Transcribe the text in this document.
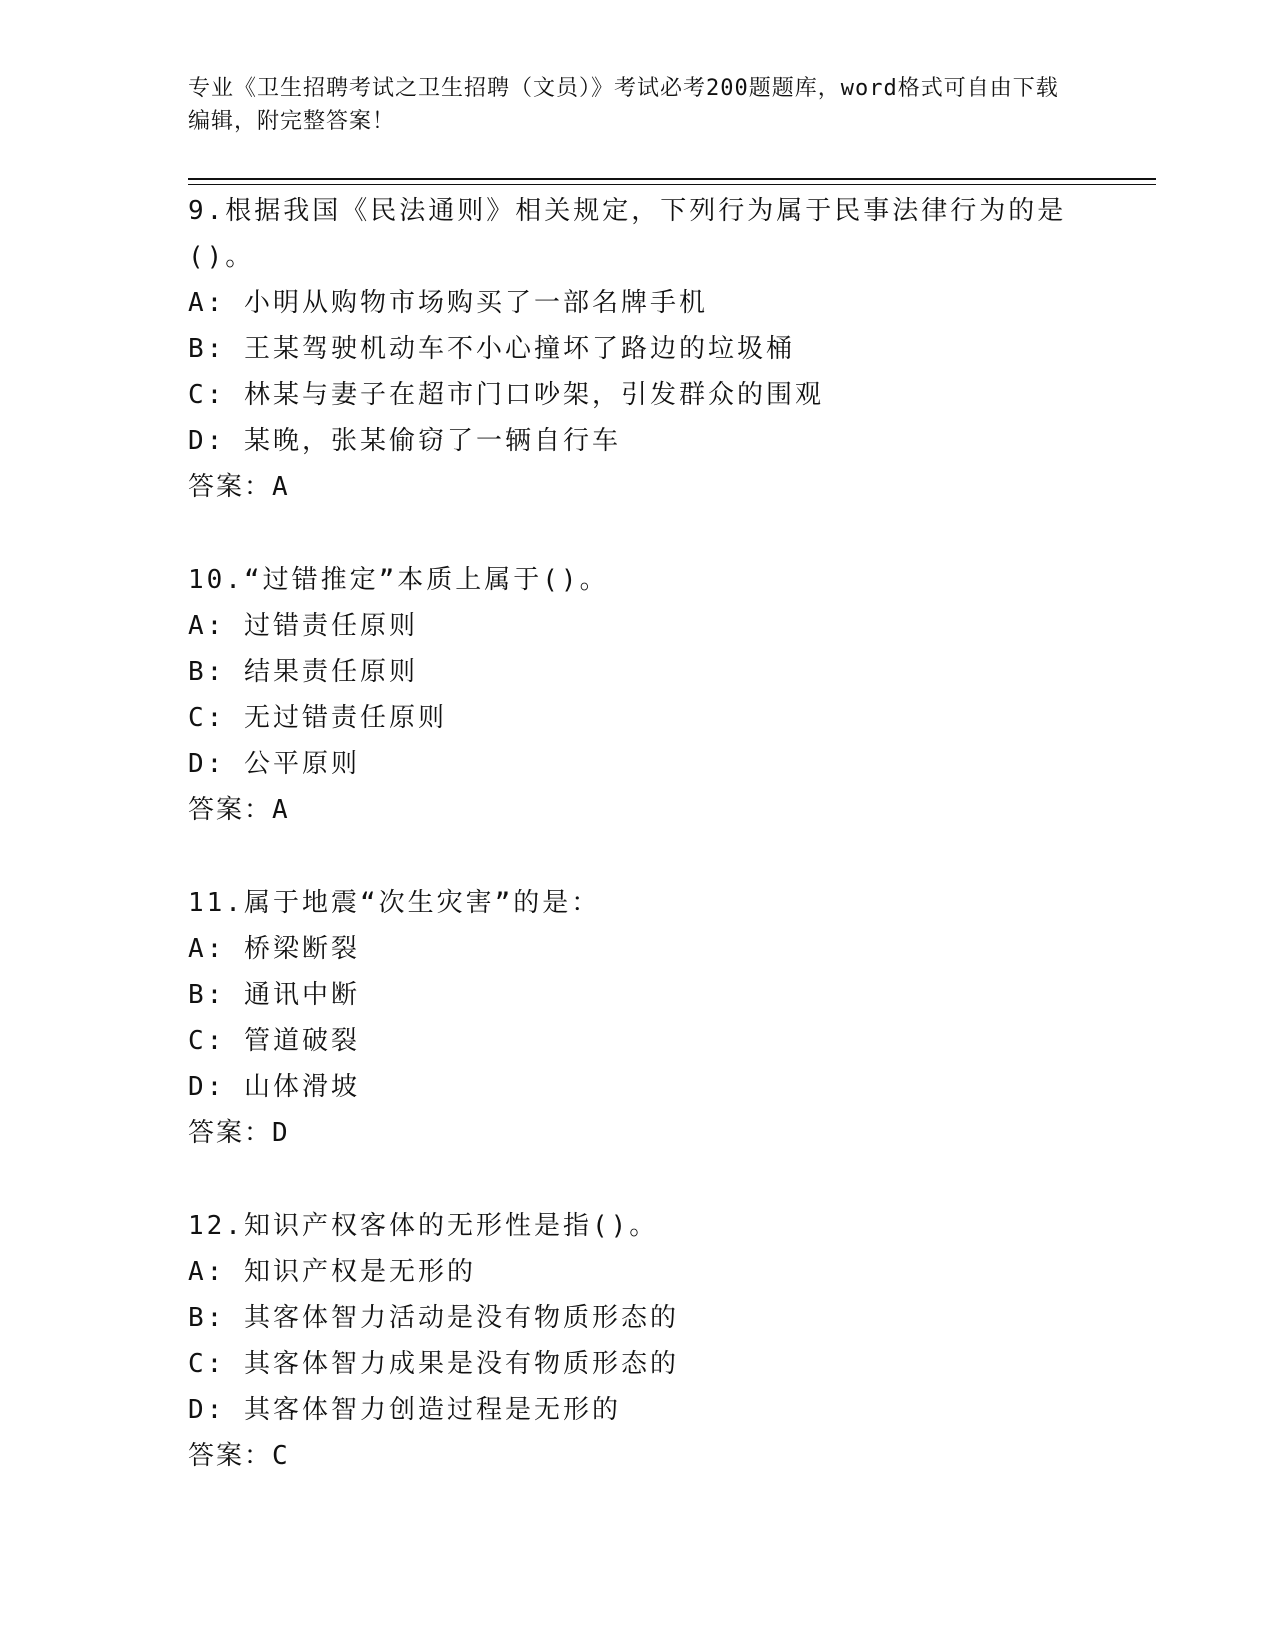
专业《卫生招聘考试之卫生招聘（文员）》考试必考200题题库，word格式可自由下载编辑，附完整答案！

9.根据我国《民法通则》相关规定，下列行为属于民事法律行为的是()。

A: 小明从购物市场购买了一部名牌手机

B: 王某驾驶机动车不小心撞坏了路边的垃圾桶

C: 林某与妻子在超市门口吵架，引发群众的围观

D: 某晚，张某偷窃了一辆自行车

答案：A

10.“过错推定”本质上属于()。

A: 过错责任原则

B: 结果责任原则

C: 无过错责任原则

D: 公平原则

答案：A

11.属于地震“次生灾害”的是：

A: 桥梁断裂

B: 通讯中断

C: 管道破裂

D: 山体滑坡

答案：D

12.知识产权客体的无形性是指()。

A: 知识产权是无形的

B: 其客体智力活动是没有物质形态的

C: 其客体智力成果是没有物质形态的

D: 其客体智力创造过程是无形的

答案：C
